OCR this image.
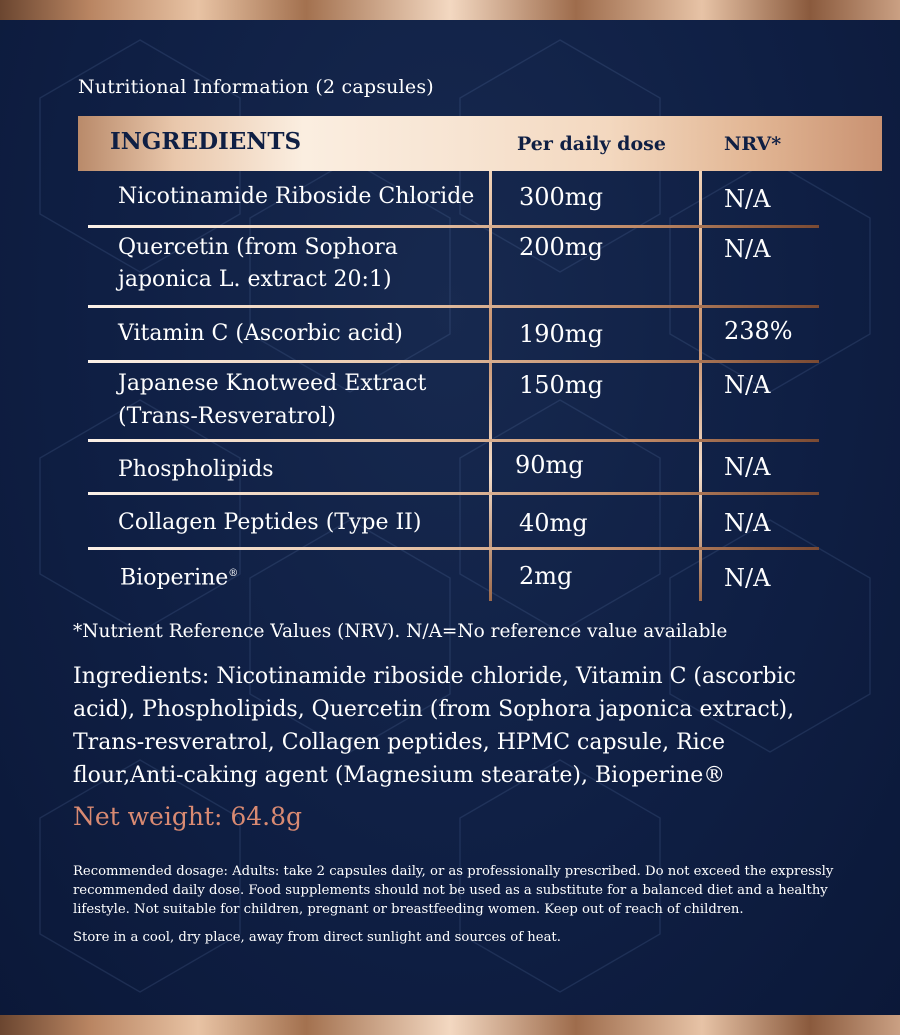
Nutritional Information (2 capsules)
INGREDIENTS	Per daily dose	NRV*
Nicotinamide Riboside Chloride 300mg	N/A
Quercetin (from Sophora
japonica L. extract 20:1)
200mg	N/A
Vitamin C (Ascorbic acid)	190mg	238%
Japanese Knotweed Extract
(Trans-Resveratrol)
150mg	N/A
Phospholipids	90mg	N/A
Collagen Peptides (Type II)	40mg	N/A
Bioperine®	2mg	N/A
*Nutrient Reference Values (NRV). N/A=No reference value available
Ingredients: Nicotinamide riboside chloride, Vitamin C (ascorbic acid), Phospholipids, Quercetin (from Sophora japonica extract), Trans-resveratrol, Collagen peptides, HPMC capsule, Rice flour,Anti-caking agent (Magnesium stearate), Bioperine®
Net weight: 64.8g
Recommended dosage: Adults: take 2 capsules daily, or as professionally prescribed. Do not exceed the expressly recommended daily dose. Food supplements should not be used as a substitute for a balanced diet and a healthy lifestyle. Not suitable for children, pregnant or breastfeeding women. Keep out of reach of children.
Store in a cool, dry place, away from direct sunlight and sources of heat.
